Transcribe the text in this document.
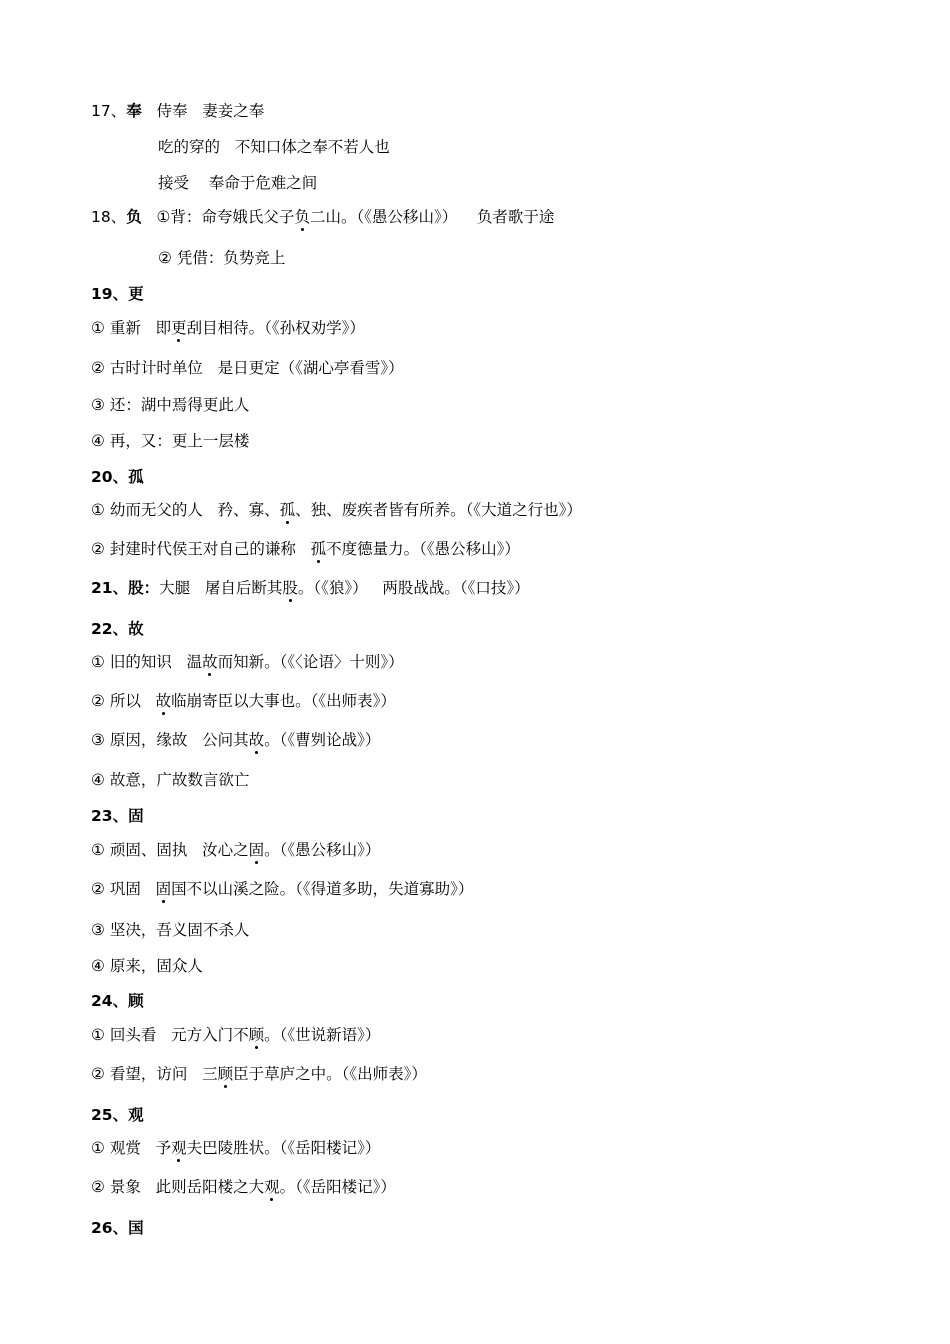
17、奉   侍奉   妻妾之奉
吃的穿的   不知口体之奉不若人也
接受    奉命于危难之间
18、负   ①背：命夸娥氏父子负二山。（《愚公移山》）    负者歌于途
② 凭借：负势竞上
19、更
① 重新   即更刮目相待。（《孙权劝学》）
② 古时计时单位   是日更定（《湖心亭看雪》）
③ 还：湖中焉得更此人
④ 再，又：更上一层楼
20、孤
① 幼而无父的人   矜、寡、孤、独、废疾者皆有所养。（《大道之行也》）
② 封建时代侯王对自己的谦称   孤不度德量力。（《愚公移山》）
21、股：大腿   屠自后断其股。（《狼》）   两股战战。（《口技》）
22、故
① 旧的知识   温故而知新。（《〈论语〉十则》）
② 所以   故临崩寄臣以大事也。（《出师表》）
③ 原因，缘故   公问其故。（《曹刿论战》）
④ 故意，广故数言欲亡
23、固
① 顽固、固执   汝心之固。（《愚公移山》）
② 巩固   固国不以山溪之险。（《得道多助，失道寡助》）
③ 坚决，吾义固不杀人
④ 原来，固众人
24、顾
① 回头看   元方入门不顾。（《世说新语》）
② 看望，访问   三顾臣于草庐之中。（《出师表》）
25、观
① 观赏   予观夫巴陵胜状。（《岳阳楼记》）
② 景象   此则岳阳楼之大观。（《岳阳楼记》）
26、国
